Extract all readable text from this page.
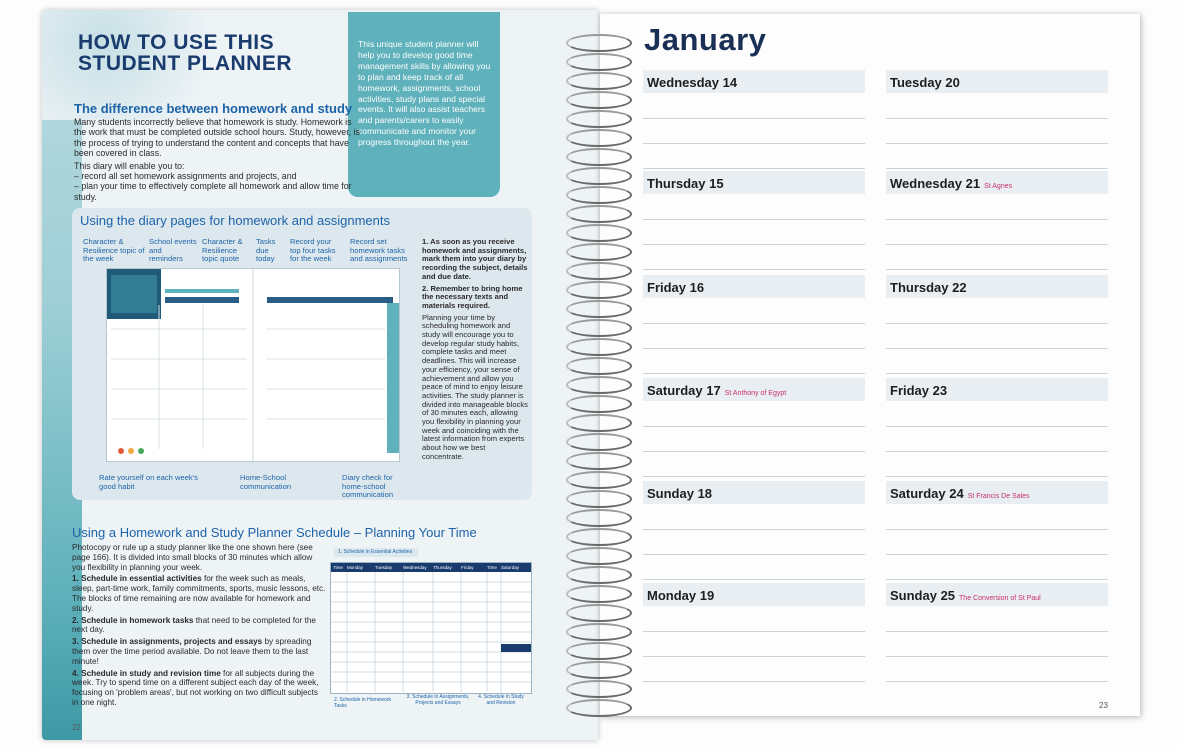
This unique student planner will help you to develop good time management skills by allowing you to plan and keep track of all homework, assignments, school activities, study plans and special events. It will also assist teachers and parents/carers to easily communicate and monitor your progress throughout the year.
HOW TO USE THIS
STUDENT PLANNER
The difference between homework and study
Many students incorrectly believe that homework is study. Homework is the work that must be completed outside school hours. Study, however, is the process of trying to understand the content and concepts that have been covered in class.
This diary will enable you to:
– record all set homework assignments and projects, and
– plan your time to effectively complete all homework and allow time for study.
Using the diary pages for homework and assignments
Character & Resilience topic of the week
School events and reminders
Character & Resilience topic quote
Tasks due today
Record your top four tasks for the week
Record set homework tasks and assignments
Rate yourself on each week's good habit
Home-School communication
Diary check for home-school communication
1. As soon as you receive homework and assignments, mark them into your diary by recording the subject, details and due date.
2. Remember to bring home the necessary texts and materials required.
Planning your time by scheduling homework and study will encourage you to develop regular study habits, complete tasks and meet deadlines. This will increase your efficiency, your sense of achievement and allow you peace of mind to enjoy leisure activities. The study planner is divided into manageable blocks of 30 minutes each, allowing you flexibility in planning your week and coinciding with the latest information from experts about how we best concentrate.
Using a Homework and Study Planner Schedule – Planning Your Time
Photocopy or rule up a study planner like the one shown here (see page 166). It is divided into small blocks of 30 minutes which allow you flexibility in planning your week.
1. Schedule in essential activities for the week such as meals, sleep, part-time work, family commitments, sports, music lessons, etc. The blocks of time remaining are now available for homework and study.
2. Schedule in homework tasks that need to be completed for the next day.
3. Schedule in assignments, projects and essays by spreading them over the time period available. Do not leave them to the last minute!
4. Schedule in study and revision time for all subjects during the week. Try to spend time on a different subject each day of the week, focusing on 'problem areas', but not working on two difficult subjects in one night.
1. Schedule in Essential Activities
Time Monday	Tuesday	Wednesday	Thursday	Friday	Time Saturday
2. Schedule in Homework Tasks
3. Schedule in Assignments, Projects and Essays
4. Schedule in Study and Revision
22
January
Wednesday 14
Thursday 15
Friday 16
Saturday 17 St Anthony of Egypt
Sunday 18
Monday 19
Tuesday 20
Wednesday 21 St Agnes
Thursday 22
Friday 23
Saturday 24 St Francis De Sales
Sunday 25 The Conversion of St Paul
23
